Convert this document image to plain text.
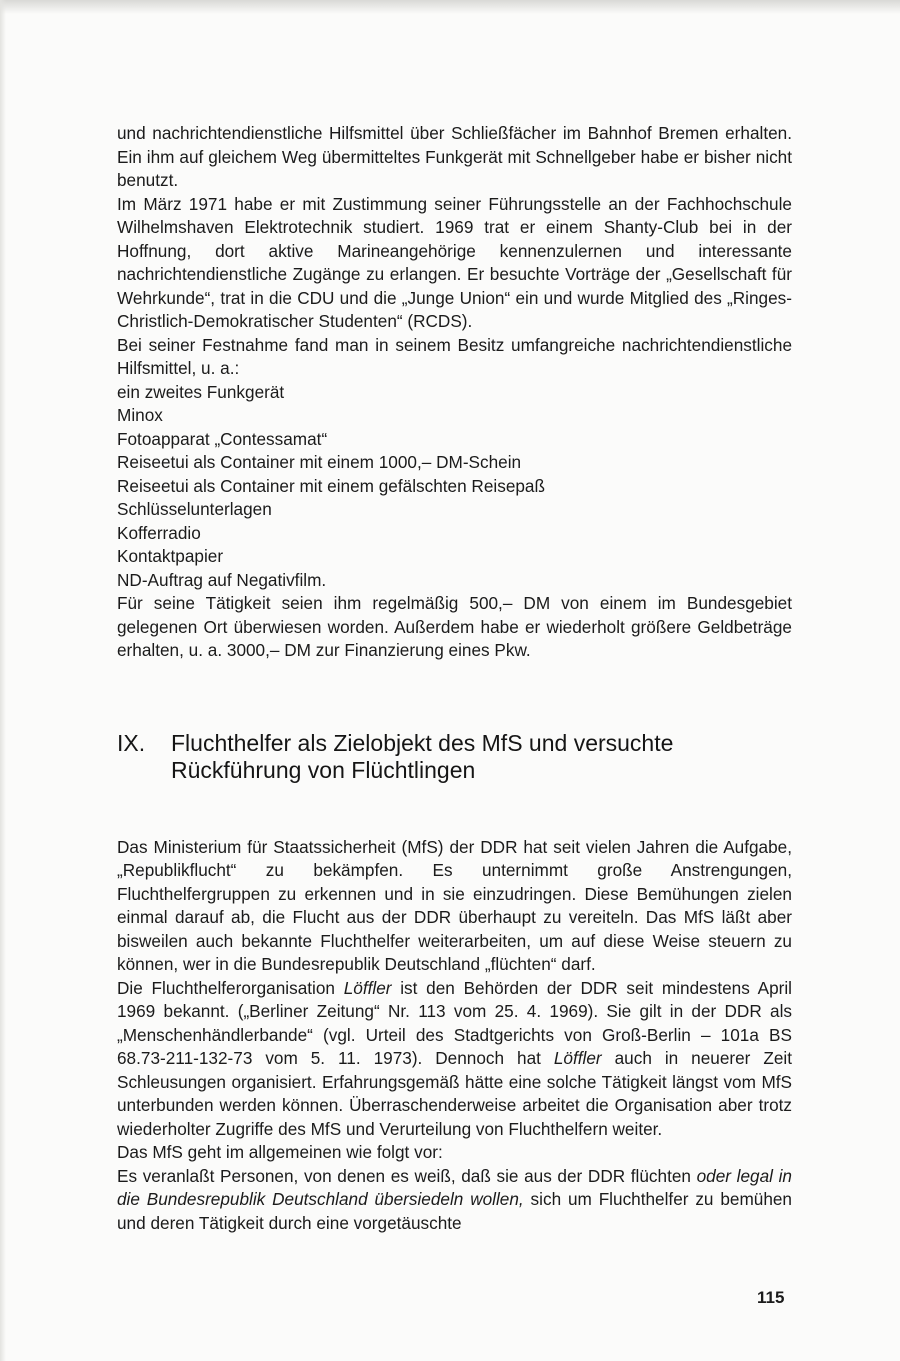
und nachrichtendienstliche Hilfsmittel über Schließfächer im Bahnhof Bremen erhalten. Ein ihm auf gleichem Weg übermitteltes Funkgerät mit Schnellgeber habe er bisher nicht benutzt.

Im März 1971 habe er mit Zustimmung seiner Führungsstelle an der Fachhochschule Wilhelmshaven Elektrotechnik studiert. 1969 trat er einem Shanty-Club bei in der Hoffnung, dort aktive Marineangehörige kennenzulernen und interessante nachrichtendienstliche Zugänge zu erlangen. Er besuchte Vorträge der „Gesellschaft für Wehrkunde“, trat in die CDU und die „Junge Union“ ein und wurde Mitglied des „Ringes-Christlich-Demokratischer Studenten“ (RCDS).

Bei seiner Festnahme fand man in seinem Besitz umfangreiche nachrichtendienstliche Hilfsmittel, u. a.:

ein zweites Funkgerät
Minox
Fotoapparat „Contessamat“
Reiseetui als Container mit einem 1000,– DM-Schein
Reiseetui als Container mit einem gefälschten Reisepaß
Schlüsselunterlagen
Kofferradio
Kontaktpapier
ND-Auftrag auf Negativfilm.

Für seine Tätigkeit seien ihm regelmäßig 500,– DM von einem im Bundesgebiet gelegenen Ort überwiesen worden. Außerdem habe er wiederholt größere Geldbeträge erhalten, u. a. 3000,– DM zur Finanzierung eines Pkw.

IX.	Fluchthelfer als Zielobjekt des MfS und versuchte
Rückführung von Flüchtlingen

Das Ministerium für Staatssicherheit (MfS) der DDR hat seit vielen Jahren die Aufgabe, „Republikflucht“ zu bekämpfen. Es unternimmt große Anstrengungen, Fluchthelfergruppen zu erkennen und in sie einzudringen. Diese Bemühungen zielen einmal darauf ab, die Flucht aus der DDR überhaupt zu vereiteln. Das MfS läßt aber bisweilen auch bekannte Fluchthelfer weiterarbeiten, um auf diese Weise steuern zu können, wer in die Bundesrepublik Deutschland „flüchten“ darf.

Die Fluchthelferorganisation Löffler ist den Behörden der DDR seit mindestens April 1969 bekannt. („Berliner Zeitung“ Nr. 113 vom 25. 4. 1969). Sie gilt in der DDR als „Menschenhändlerbande“ (vgl. Urteil des Stadtgerichts von Groß-Berlin – 101a BS 68.73-211-132-73 vom 5. 11. 1973). Dennoch hat Löffler auch in neuerer Zeit Schleusungen organisiert. Erfahrungsgemäß hätte eine solche Tätigkeit längst vom MfS unterbunden werden können. Überraschenderweise arbeitet die Organisation aber trotz wiederholter Zugriffe des MfS und Verurteilung von Fluchthelfern weiter.

Das MfS geht im allgemeinen wie folgt vor:

Es veranlaßt Personen, von denen es weiß, daß sie aus der DDR flüchten oder legal in die Bundesrepublik Deutschland übersiedeln wollen, sich um Fluchthelfer zu bemühen und deren Tätigkeit durch eine vorgetäuschte

115
